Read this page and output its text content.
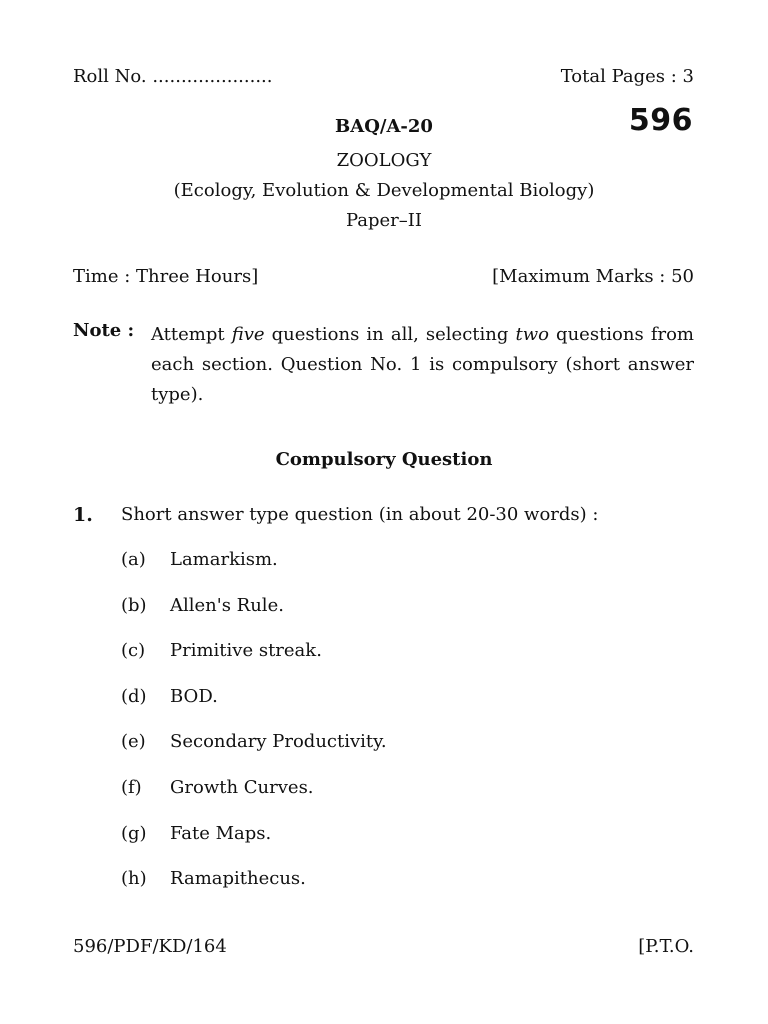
Roll No. .....................	Total Pages : 3
BAQ/A-20	596
ZOOLOGY
(Ecology, Evolution & Developmental Biology)
Paper–II
Time : Three Hours]	[Maximum Marks : 50
Note : Attempt five questions in all, selecting two questions from each section. Question No. 1 is compulsory (short answer type).
Compulsory Question
1. Short answer type question (in about 20-30 words) :
(a)	Lamarkism.
(b)	Allen's Rule.
(c)	Primitive streak.
(d)	BOD.
(e)	Secondary Productivity.
(f)	Growth Curves.
(g)	Fate Maps.
(h)	Ramapithecus.
596/PDF/KD/164	[P.T.O.
